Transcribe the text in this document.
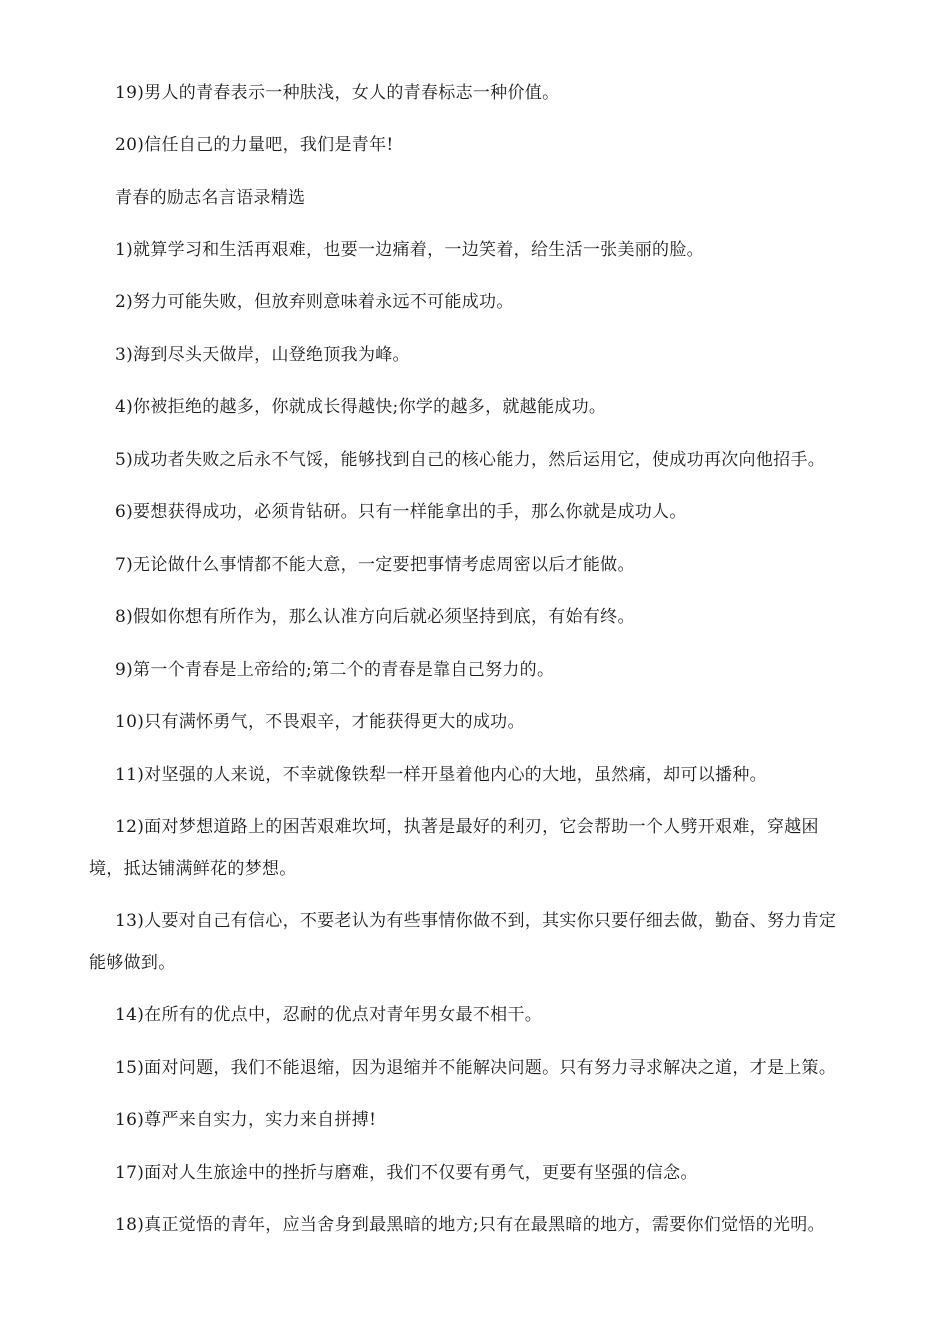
19)男人的青春表示一种肤浅，女人的青春标志一种价值。
20)信任自己的力量吧，我们是青年!
青春的励志名言语录精选
1)就算学习和生活再艰难，也要一边痛着，一边笑着，给生活一张美丽的脸。
2)努力可能失败，但放弃则意味着永远不可能成功。
3)海到尽头天做岸，山登绝顶我为峰。
4)你被拒绝的越多，你就成长得越快;你学的越多，就越能成功。
5)成功者失败之后永不气馁，能够找到自己的核心能力，然后运用它，使成功再次向他招手。
6)要想获得成功，必须肯钻研。只有一样能拿出的手，那么你就是成功人。
7)无论做什么事情都不能大意，一定要把事情考虑周密以后才能做。
8)假如你想有所作为，那么认准方向后就必须坚持到底，有始有终。
9)第一个青春是上帝给的;第二个的青春是靠自己努力的。
10)只有满怀勇气，不畏艰辛，才能获得更大的成功。
11)对坚强的人来说，不幸就像铁犁一样开垦着他内心的大地，虽然痛，却可以播种。
12)面对梦想道路上的困苦艰难坎坷，执著是最好的利刃，它会帮助一个人劈开艰难，穿越困
境，抵达铺满鲜花的梦想。
13)人要对自己有信心，不要老认为有些事情你做不到，其实你只要仔细去做，勤奋、努力肯定
能够做到。
14)在所有的优点中，忍耐的优点对青年男女最不相干。
15)面对问题，我们不能退缩，因为退缩并不能解决问题。只有努力寻求解决之道，才是上策。
16)尊严来自实力，实力来自拼搏!
17)面对人生旅途中的挫折与磨难，我们不仅要有勇气，更要有坚强的信念。
18)真正觉悟的青年，应当舍身到最黑暗的地方;只有在最黑暗的地方，需要你们觉悟的光明。
